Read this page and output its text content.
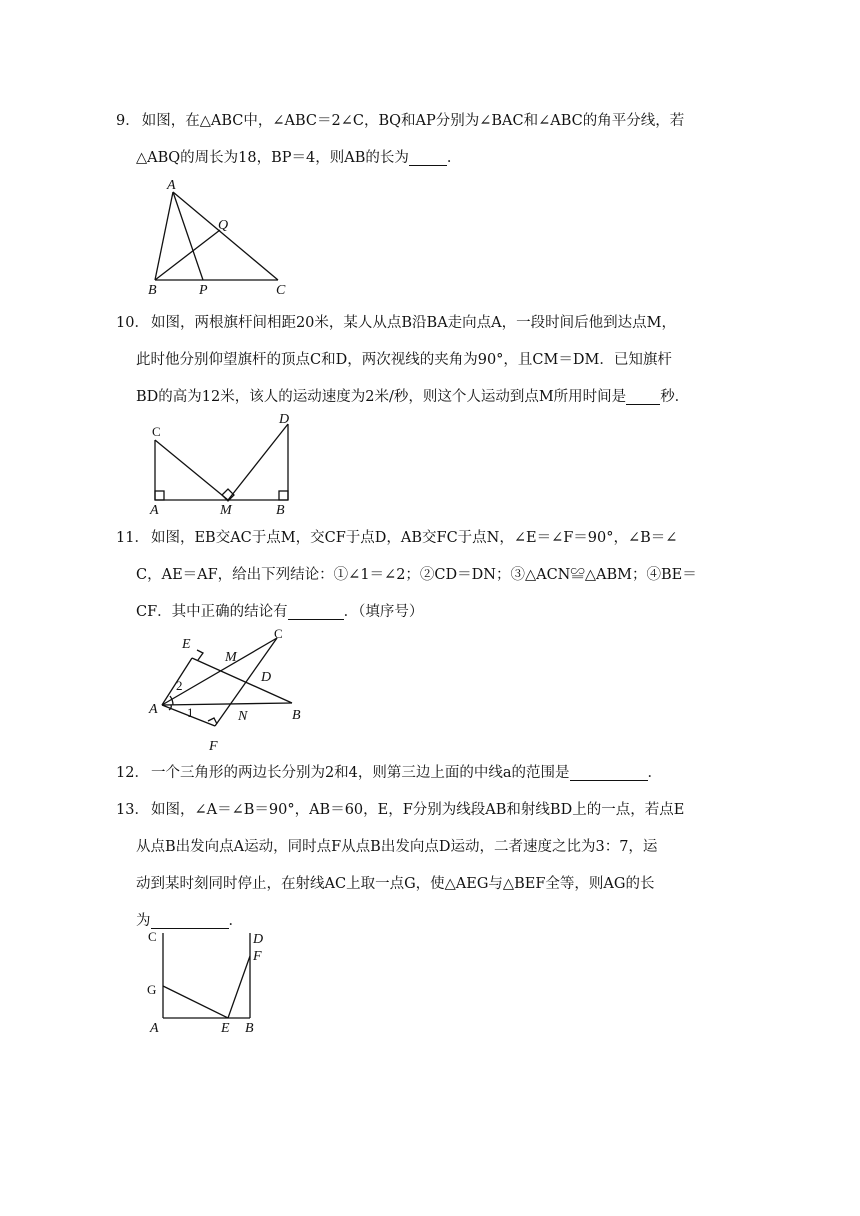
9． 如图，在△ABC中，∠ABC＝2∠C，BQ和AP分别为∠BAC和∠ABC的角平分线，若
△ABQ的周长为18，BP＝4，则AB的长为	．
A
Q
B	P	C
10． 如图，两根旗杆间相距20米，某人从点B沿BA走向点A，一段时间后他到达点M，
此时他分别仰望旗杆的顶点C和D，两次视线的夹角为90°，且CM＝DM．已知旗杆
BD的高为12米，该人的运动速度为2米/秒，则这个人运动到点M所用时间是 秒．
C
D
A	M	B
11． 如图，EB交AC于点M，交CF于点D，AB交FC于点N，∠E＝∠F＝90°，∠B＝∠
C，AE＝AF，给出下列结论：①∠1＝∠2；②CD＝DN；③△ACN≌△ABM；④BE＝
CF．其中正确的结论有	．（填序号）
C
E
M
2
D
A 1	N	B
F
12． 一个三角形的两边长分别为2和4，则第三边上面的中线a的范围是	．
13． 如图，∠A＝∠B＝90°，AB＝60，E，F分别为线段AB和射线BD上的一点，若点E
从点B出发向点A运动，同时点F从点B出发向点D运动，二者速度之比为3：7，运
动到某时刻同时停止，在射线AC上取一点G，使△AEG与△BEF全等，则AG的长
为	．
C	D
F
G
A	E B
